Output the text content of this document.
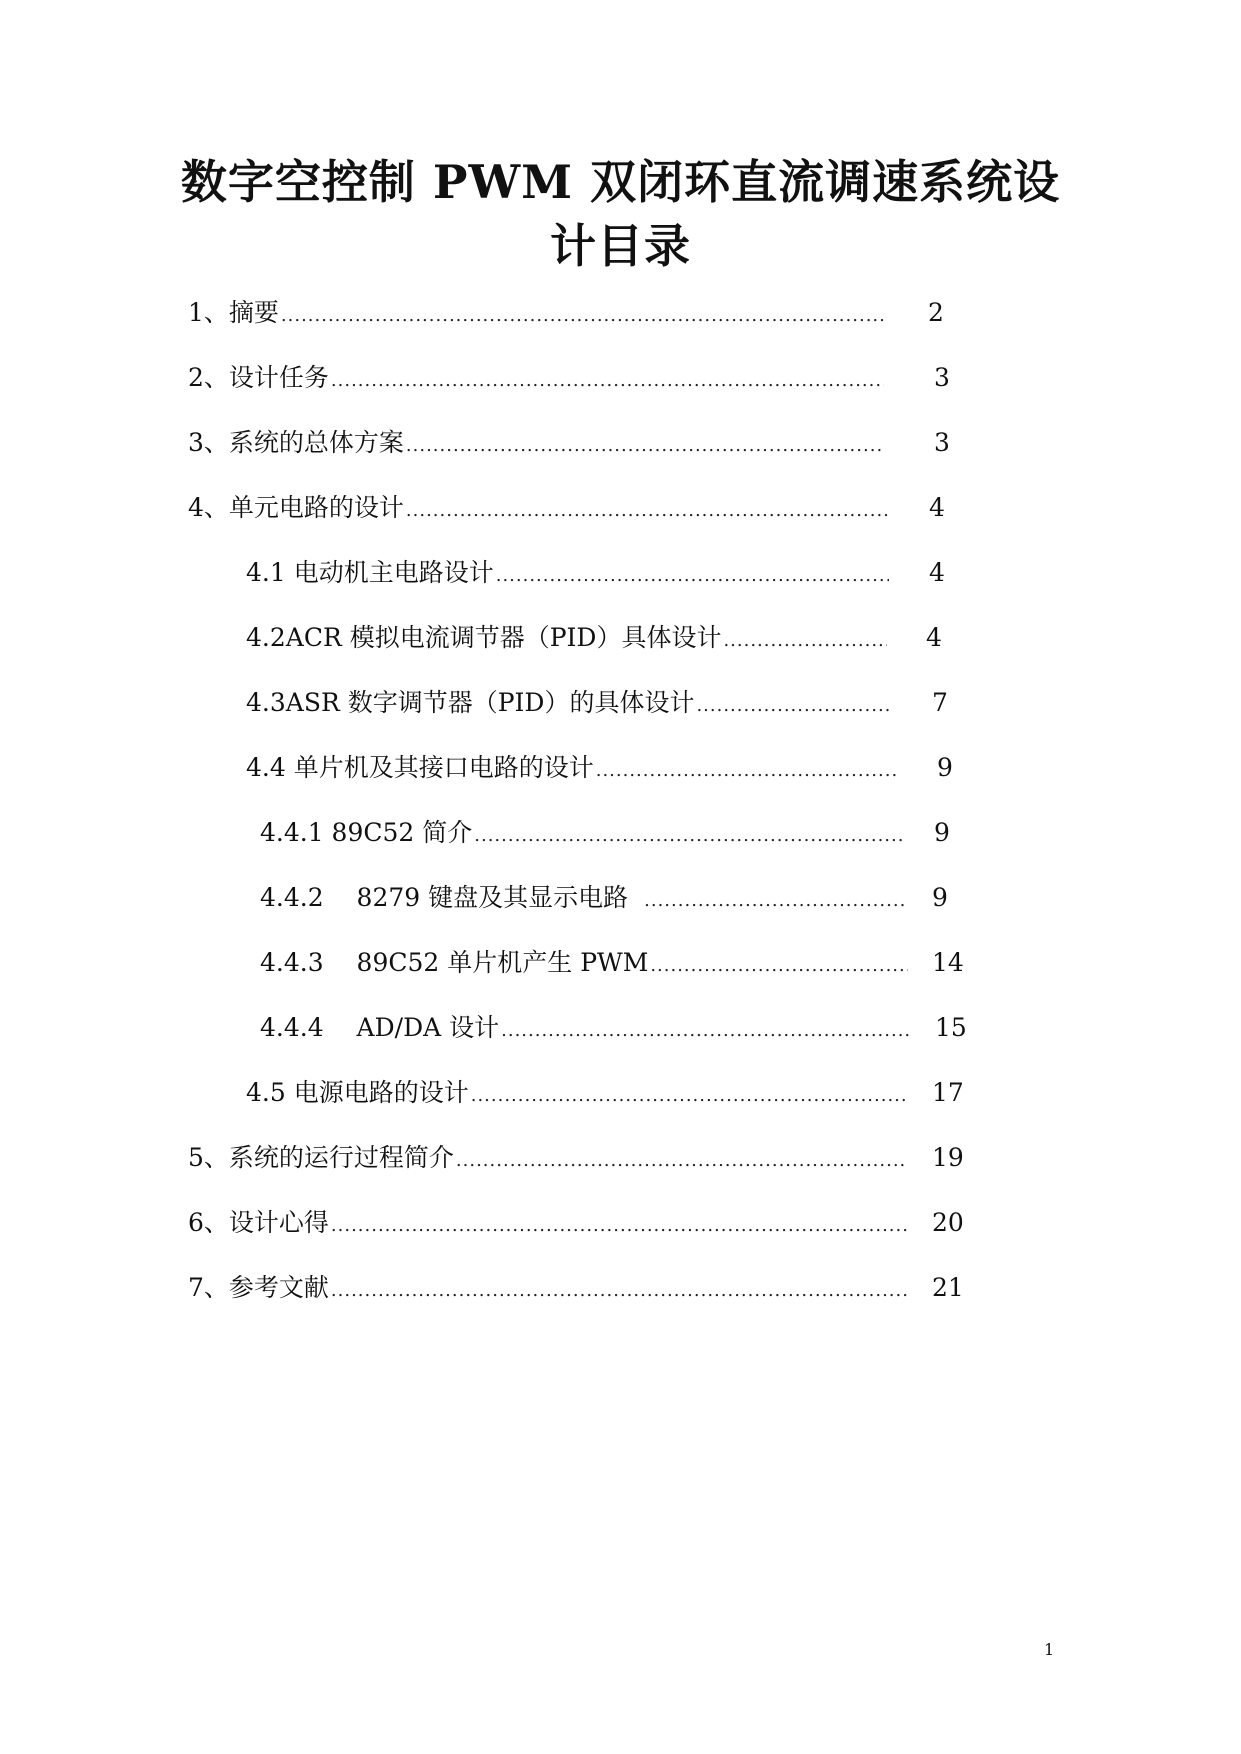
数字空控制 PWM 双闭环直流调速系统设
计目录
1、摘要 .....	2
2、设计任务 .....	3
3、系统的总体方案 .....	3
4、单元电路的设计 .....	4
4.1 电动机主电路设计 .....	4
4.2ACR 模拟电流调节器（PID）具体设计 .....	4
4.3ASR 数字调节器（PID）的具体设计 .....	7
4.4 单片机及其接口电路的设计 .....	9
4.4.1 89C52 简介 .....	9
4.4.2　 8279 键盘及其显示电路 .....	9
4.4.3　 89C52 单片机产生 PWM .....	14
4.4.4　 AD/DA 设计 .....	15
4.5 电源电路的设计 .....	17
5、系统的运行过程简介 .....	19
6、设计心得 .....	20
7、参考文献 .....	21
1
